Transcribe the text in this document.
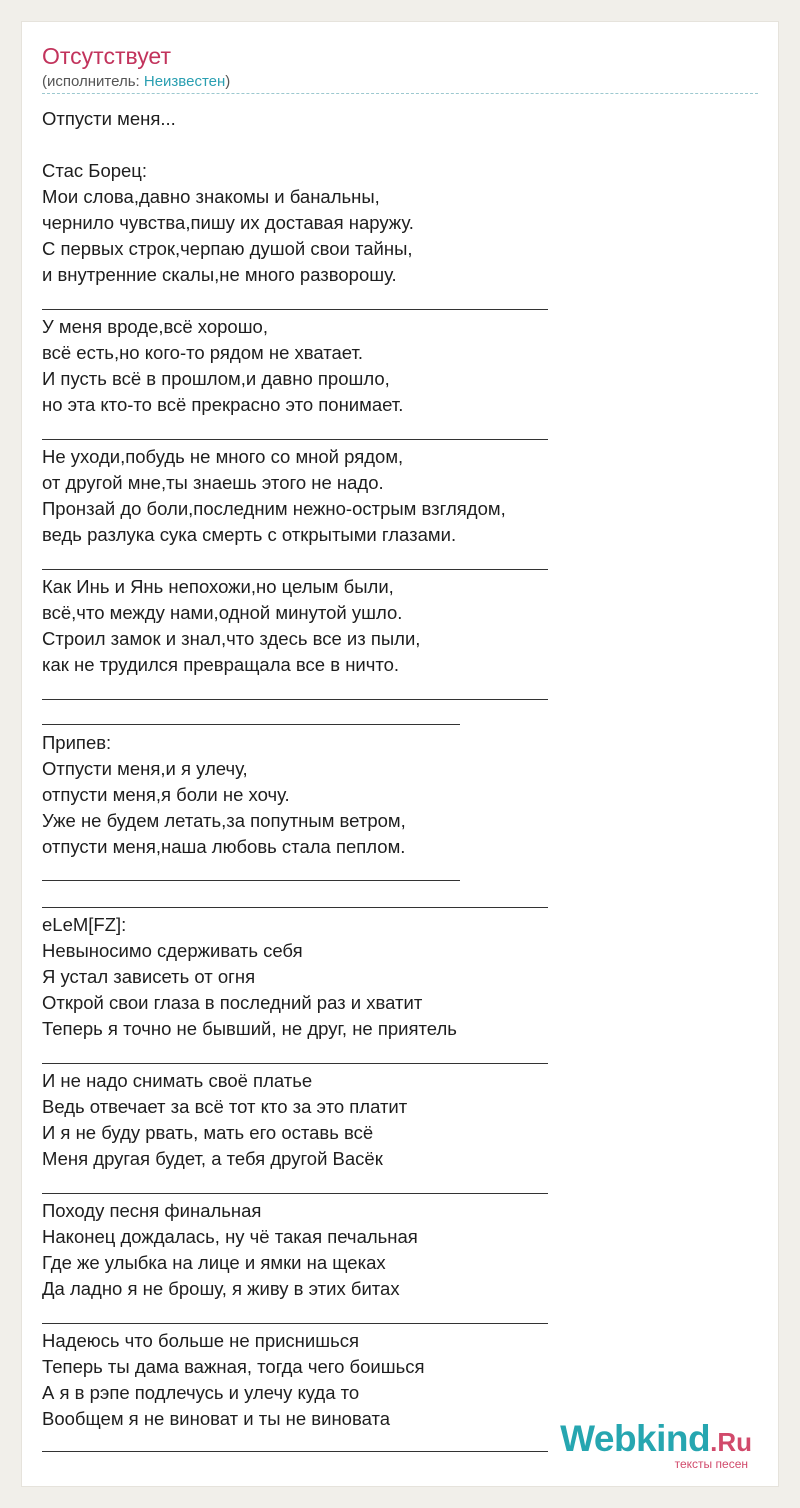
Отсутствует
(исполнитель: Неизвестен)
Отпусти меня...
Стас Борец:
Мои слова,давно знакомы и банальны,
чернило чувства,пишу их доставая наружу.
С первых строк,черпаю душой свои тайны,
и внутренние скалы,не много разворошу.
У меня вроде,всё хорошо,
всё есть,но кого-то рядом не хватает.
И пусть всё в прошлом,и давно прошло,
но эта кто-то всё прекрасно это понимает.
Не уходи,побудь не много со мной рядом,
от другой мне,ты знаешь этого не надо.
Пронзай до боли,последним нежно-острым взглядом,
ведь разлука сука смерть с открытыми глазами.
Как Инь и Янь непохожи,но целым были,
всё,что между нами,одной минутой ушло.
Строил замок и знал,что здесь все из пыли,
как не трудился превращала все в ничто.
Припев:
Отпусти меня,и я улечу,
отпусти меня,я боли не хочу.
Уже не будем летать,за попутным ветром,
отпусти меня,наша любовь стала пеплом.
eLeM[FZ]:
Невыносимо сдерживать себя
Я устал зависеть от огня
Открой свои глаза в последний раз и хватит
Теперь я точно не бывший, не друг, не приятель
И не надо снимать своё платье
Ведь отвечает за всё тот кто за это платит
И я не буду рвать, мать его оставь всё
Меня другая будет, а тебя другой Васёк
Походу песня финальная
Наконец дождалась, ну чё такая печальная
Где же улыбка на лице и ямки на щеках
Да ладно я не брошу, я живу в этих битах
Надеюсь что больше не приснишься
Теперь ты дама важная, тогда чего боишься
А я в рэпе подлечусь и улечу куда то
Вообщем я не виноват и ты не виновата	Webkind.Ru
тексты песен
